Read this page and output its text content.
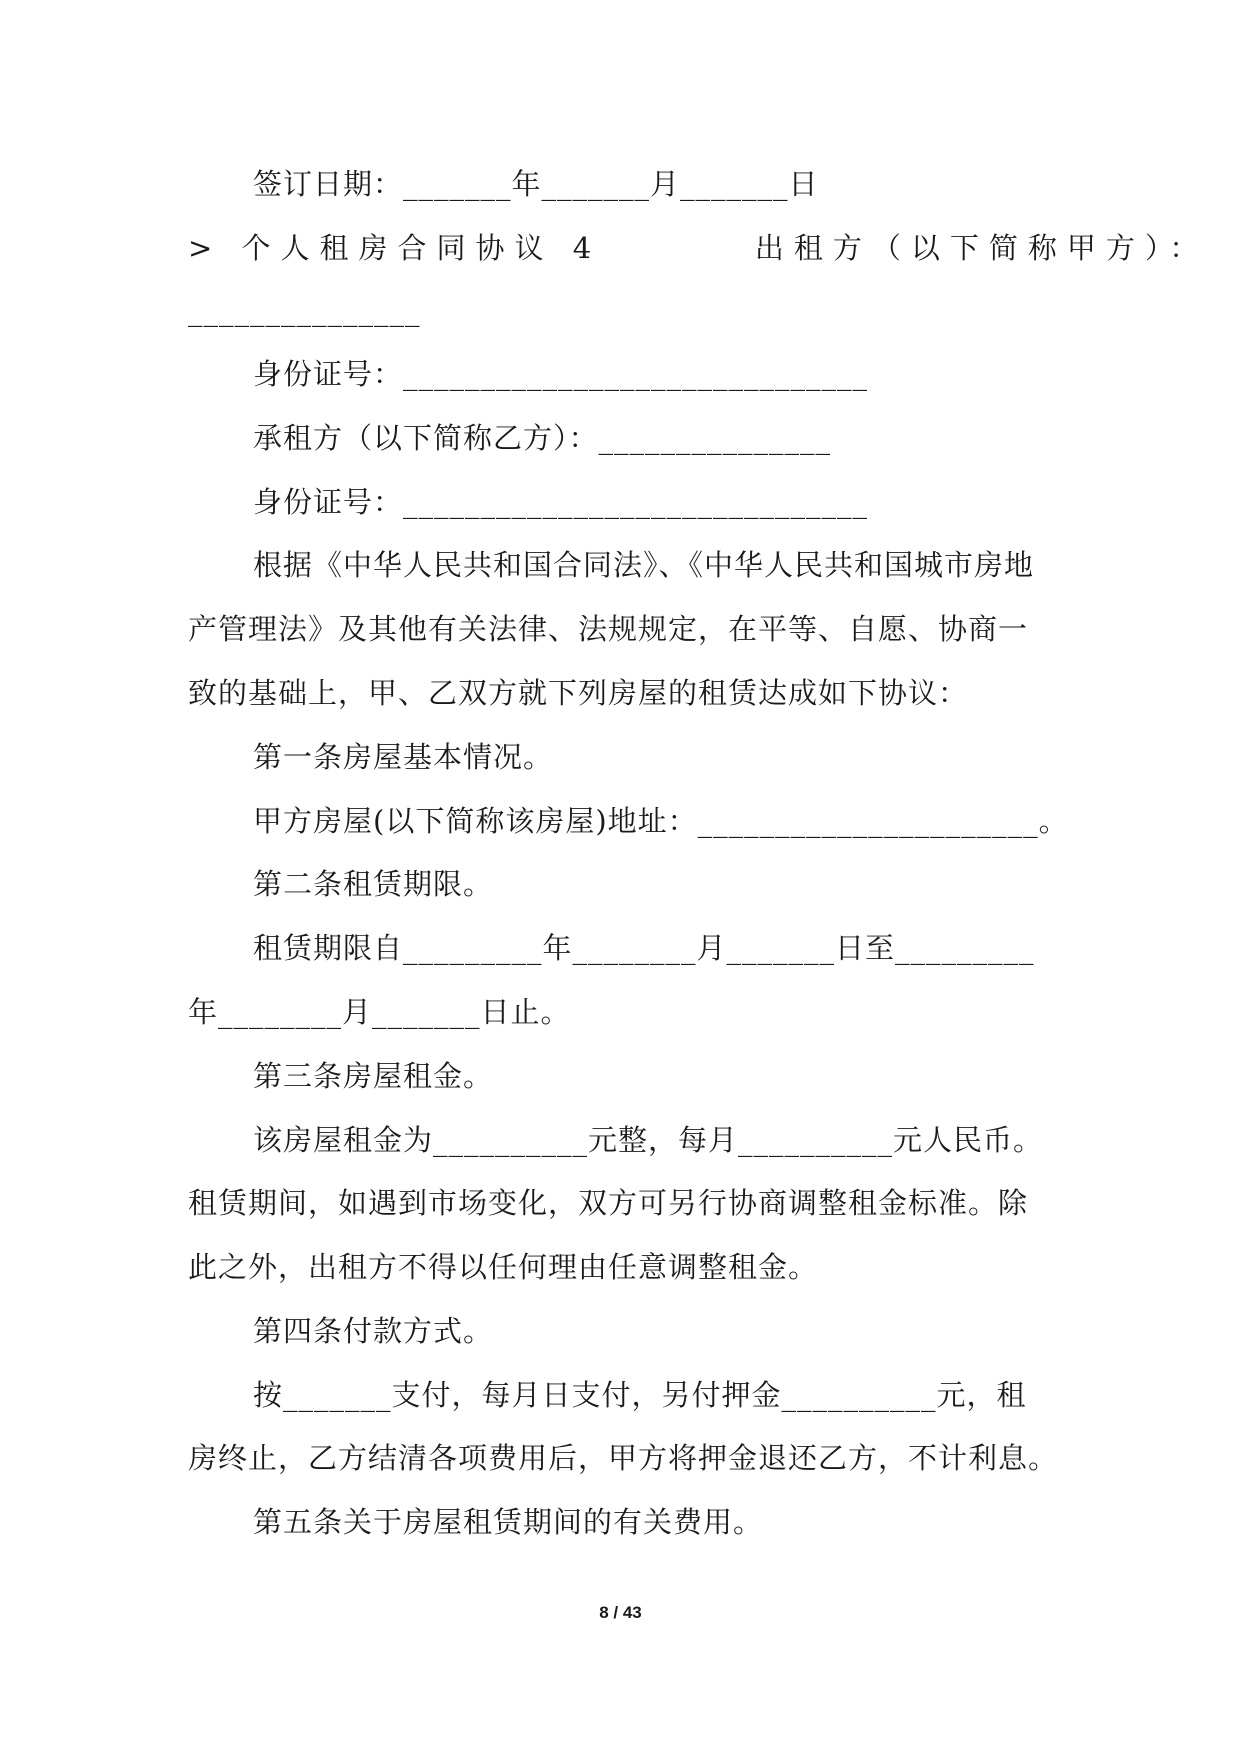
签订日期：_______年_______月_______日
> 个人租房合同协议 4        出租方（以下简称甲方）：
_______________
身份证号：______________________________
承租方（以下简称乙方）：_______________
身份证号：______________________________
根据《中华人民共和国合同法》、《中华人民共和国城市房地
产管理法》及其他有关法律、法规规定，在平等、自愿、协商一
致的基础上，甲、乙双方就下列房屋的租赁达成如下协议：
第一条房屋基本情况。
甲方房屋(以下简称该房屋)地址：______________________。
第二条租赁期限。
租赁期限自_________年________月_______日至_________
年________月_______日止。
第三条房屋租金。
该房屋租金为__________元整，每月__________元人民币。
租赁期间，如遇到市场变化，双方可另行协商调整租金标准。除
此之外，出租方不得以任何理由任意调整租金。
第四条付款方式。
按_______支付，每月日支付，另付押金__________元，租
房终止，乙方结清各项费用后，甲方将押金退还乙方，不计利息。
第五条关于房屋租赁期间的有关费用。
8 / 43
